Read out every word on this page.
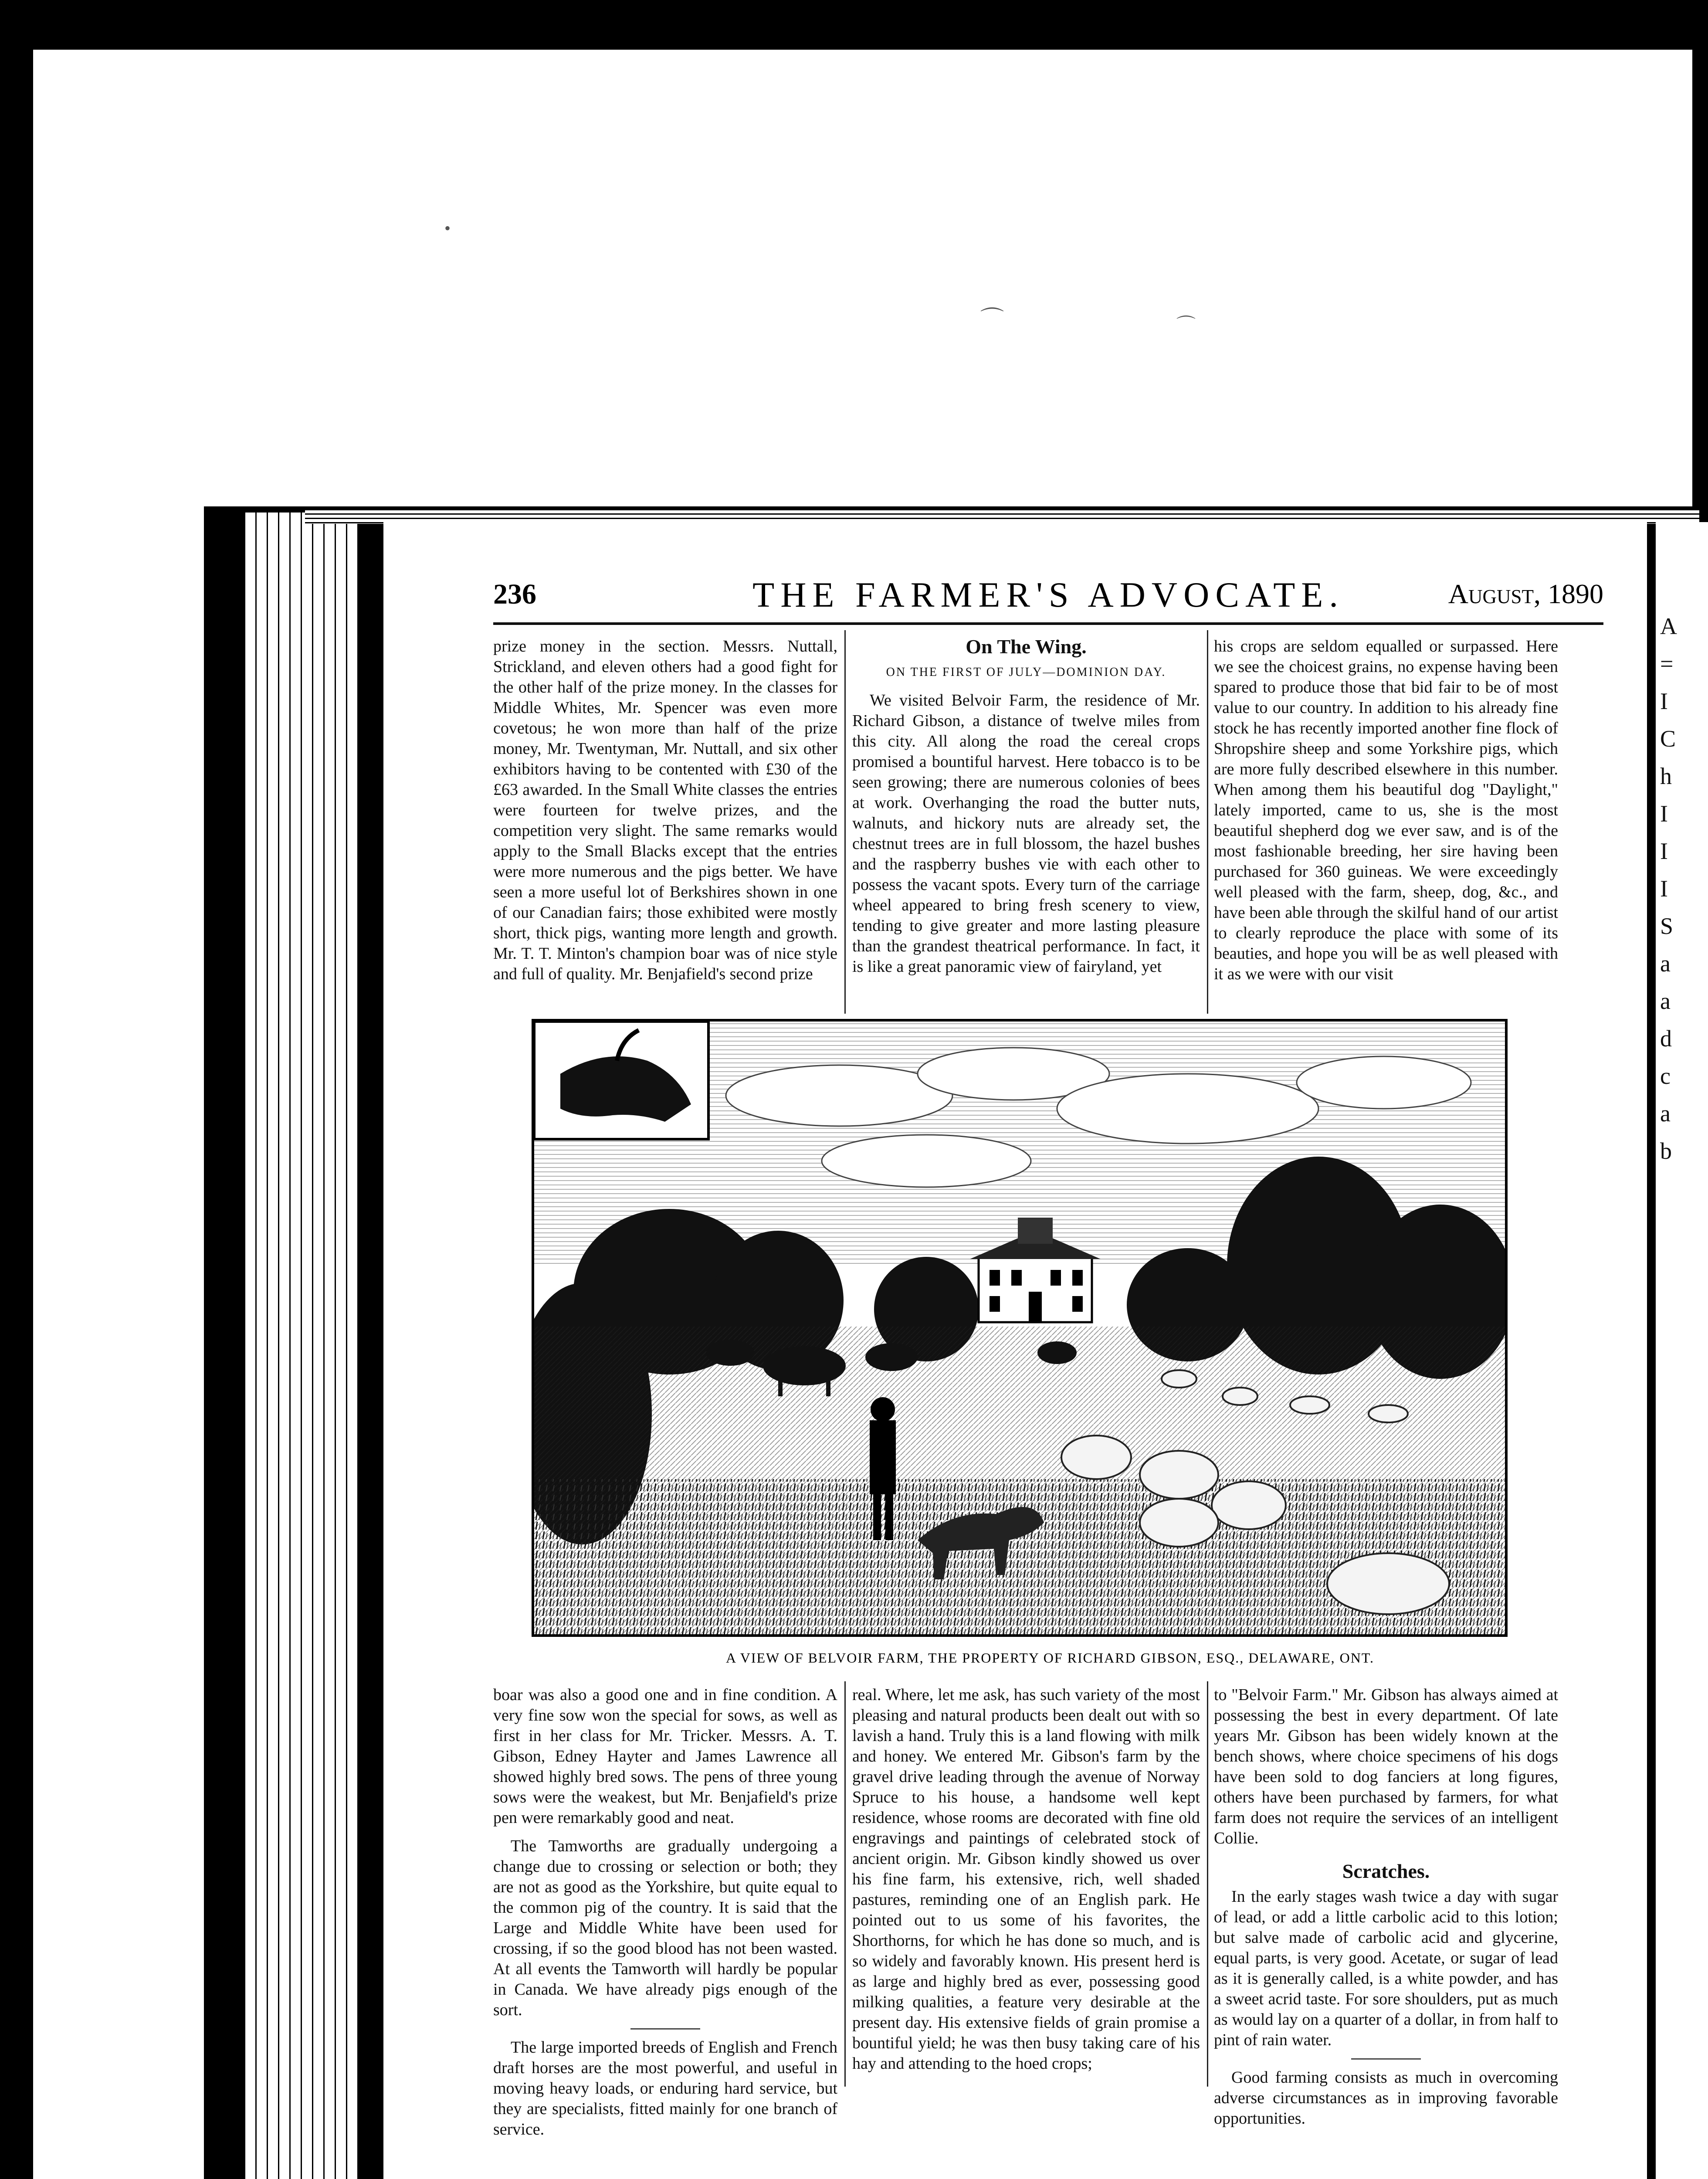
•
⌒	⌒
A
=
I
C
h
I
I
I
S
a
a
d
c
a
b
236	THE FARMER'S ADVOCATE.	August, 1890

prize money in the section. Messrs. Nuttall, Strickland, and eleven others had a good fight for the other half of the prize money. In the classes for Middle Whites, Mr. Spencer was even more covetous; he won more than half of the prize money, Mr. Twentyman, Mr. Nuttall, and six other exhibitors having to be contented with £30 of the £63 awarded. In the Small White classes the entries were fourteen for twelve prizes, and the competition very slight. The same remarks would apply to the Small Blacks except that the entries were more numerous and the pigs better. We have seen a more useful lot of Berkshires shown in one of our Canadian fairs; those exhibited were mostly short, thick pigs, wanting more length and growth. Mr. T. T. Minton's champion boar was of nice style and full of quality. Mr. Benjafield's second prize

On The Wing.
ON THE FIRST OF JULY—DOMINION DAY.

We visited Belvoir Farm, the residence of Mr. Richard Gibson, a distance of twelve miles from this city. All along the road the cereal crops promised a bountiful harvest. Here tobacco is to be seen growing; there are numerous colonies of bees at work. Overhanging the road the butter nuts, walnuts, and hickory nuts are already set, the chestnut trees are in full blossom, the hazel bushes and the raspberry bushes vie with each other to possess the vacant spots. Every turn of the carriage wheel appeared to bring fresh scenery to view, tending to give greater and more lasting pleasure than the grandest theatrical performance. In fact, it is like a great panoramic view of fairyland, yet

his crops are seldom equalled or surpassed. Here we see the choicest grains, no expense having been spared to produce those that bid fair to be of most value to our country. In addition to his already fine stock he has recently imported another fine flock of Shropshire sheep and some Yorkshire pigs, which are more fully described elsewhere in this number. When among them his beautiful dog "Daylight," lately imported, came to us, she is the most beautiful shepherd dog we ever saw, and is of the most fashionable breeding, her sire having been purchased for 360 guineas. We were exceedingly well pleased with the farm, sheep, dog, &c., and have been able through the skilful hand of our artist to clearly reproduce the place with some of its beauties, and hope you will be as well pleased with it as we were with our visit

A VIEW OF BELVOIR FARM, THE PROPERTY OF RICHARD GIBSON, ESQ., DELAWARE, ONT.

boar was also a good one and in fine condition. A very fine sow won the special for sows, as well as first in her class for Mr. Tricker. Messrs. A. T. Gibson, Edney Hayter and James Lawrence all showed highly bred sows. The pens of three young sows were the weakest, but Mr. Benjafield's prize pen were remarkably good and neat.

The Tamworths are gradually undergoing a change due to crossing or selection or both; they are not as good as the Yorkshire, but quite equal to the common pig of the country. It is said that the Large and Middle White have been used for crossing, if so the good blood has not been wasted. At all events the Tamworth will hardly be popular in Canada. We have already pigs enough of the sort.

The large imported breeds of English and French draft horses are the most powerful, and useful in moving heavy loads, or enduring hard service, but they are specialists, fitted mainly for one branch of service.

real. Where, let me ask, has such variety of the most pleasing and natural products been dealt out with so lavish a hand. Truly this is a land flowing with milk and honey. We entered Mr. Gibson's farm by the gravel drive leading through the avenue of Norway Spruce to his house, a handsome well kept residence, whose rooms are decorated with fine old engravings and paintings of celebrated stock of ancient origin. Mr. Gibson kindly showed us over his fine farm, his extensive, rich, well shaded pastures, reminding one of an English park. He pointed out to us some of his favorites, the Shorthorns, for which he has done so much, and is so widely and favorably known. His present herd is as large and highly bred as ever, possessing good milking qualities, a feature very desirable at the present day. His extensive fields of grain promise a bountiful yield; he was then busy taking care of his hay and attending to the hoed crops;

to "Belvoir Farm." Mr. Gibson has always aimed at possessing the best in every department. Of late years Mr. Gibson has been widely known at the bench shows, where choice specimens of his dogs have been sold to dog fanciers at long figures, others have been purchased by farmers, for what farm does not require the services of an intelligent Collie.

Scratches.

In the early stages wash twice a day with sugar of lead, or add a little carbolic acid to this lotion; but salve made of carbolic acid and glycerine, equal parts, is very good. Acetate, or sugar of lead as it is generally called, is a white powder, and has a sweet acrid taste. For sore shoulders, put as much as would lay on a quarter of a dollar, in from half to pint of rain water.

Good farming consists as much in overcoming adverse circumstances as in improving favorable opportunities.
